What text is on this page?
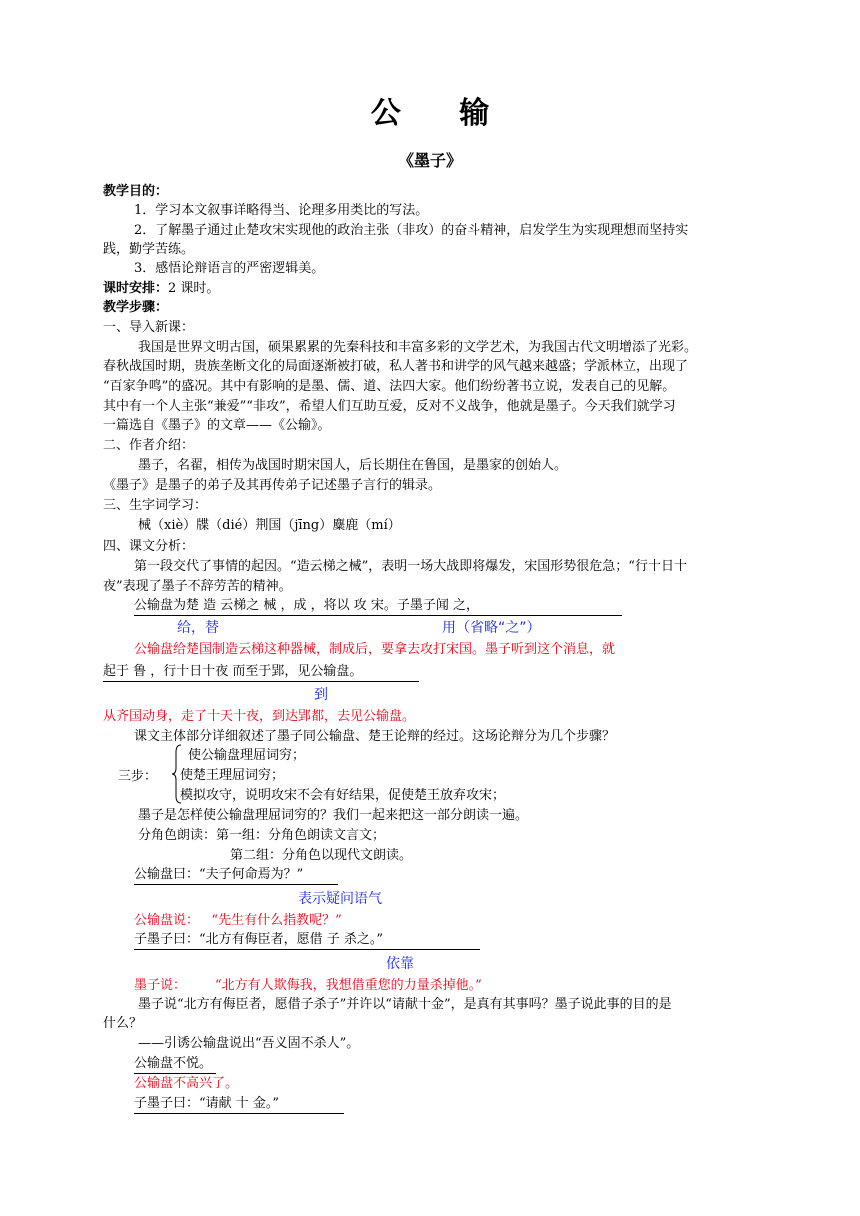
公 输
《墨子》
教学目的：
1．学习本文叙事详略得当、论理多用类比的写法。
2．了解墨子通过止楚攻宋实现他的政治主张（非攻）的奋斗精神，启发学生为实现理想而坚持实
践，勤学苦练。
3．感悟论辩语言的严密逻辑美。
课时安排：2 课时。
教学步骤：
一、导入新课：
我国是世界文明古国，硕果累累的先秦科技和丰富多彩的文学艺术，为我国古代文明增添了光彩。
春秋战国时期，贵族垄断文化的局面逐渐被打破，私人著书和讲学的风气越来越盛；学派林立，出现了
“百家争鸣”的盛况。其中有影响的是墨、儒、道、法四大家。他们纷纷著书立说，发表自己的见解。
其中有一个人主张“兼爱”“非攻”，希望人们互助互爱，反对不义战争，他就是墨子。今天我们就学习
一篇选自《墨子》的文章——《公输》。
二、作者介绍：
墨子，名翟，相传为战国时期宋国人，后长期住在鲁国，是墨家的创始人。
《墨子》是墨子的弟子及其再传弟子记述墨子言行的辑录。
三、生字词学习：
械（xiè）牒（dié）荆国（jīng）麋鹿（mí）
四、课文分析：
第一段交代了事情的起因。“造云梯之械”，表明一场大战即将爆发，宋国形势很危急；“行十日十
夜”表现了墨子不辞劳苦的精神。
公输盘为楚 造 云梯之 械 ，成 ，将以 攻 宋。子墨子闻 之，
给，替	用（省略“之”）
公输盘给楚国制造云梯这种器械，制成后，要拿去攻打宋国。墨子听到这个消息，就
起于 鲁 ，行十日十夜 而至于郢，见公输盘。
到
从齐国动身，走了十天十夜，到达郢都，去见公输盘。
课文主体部分详细叙述了墨子同公输盘、楚王论辩的经过。这场论辩分为几个步骤？
三步：
使公输盘理屈词穷；
使楚王理屈词穷；
模拟攻守，说明攻宋不会有好结果，促使楚王放弃攻宋；
墨子是怎样使公输盘理屈词穷的？我们一起来把这一部分朗读一遍。
分角色朗读：第一组：分角色朗读文言文；
第二组：分角色以现代文朗读。
公输盘曰：“夫子何命焉为？”
表示疑问语气
公输盘说： “先生有什么指教呢？”
子墨子曰：“北方有侮臣者，愿借 子 杀之。”
依靠
墨子说： “北方有人欺侮我，我想借重您的力量杀掉他。”
墨子说“北方有侮臣者，愿借子杀子”并许以“请献十金”，是真有其事吗？墨子说此事的目的是
什么？
——引诱公输盘说出“吾义固不杀人”。
公输盘不悦。
公输盘不高兴了。
子墨子曰：“请献 十 金。”
